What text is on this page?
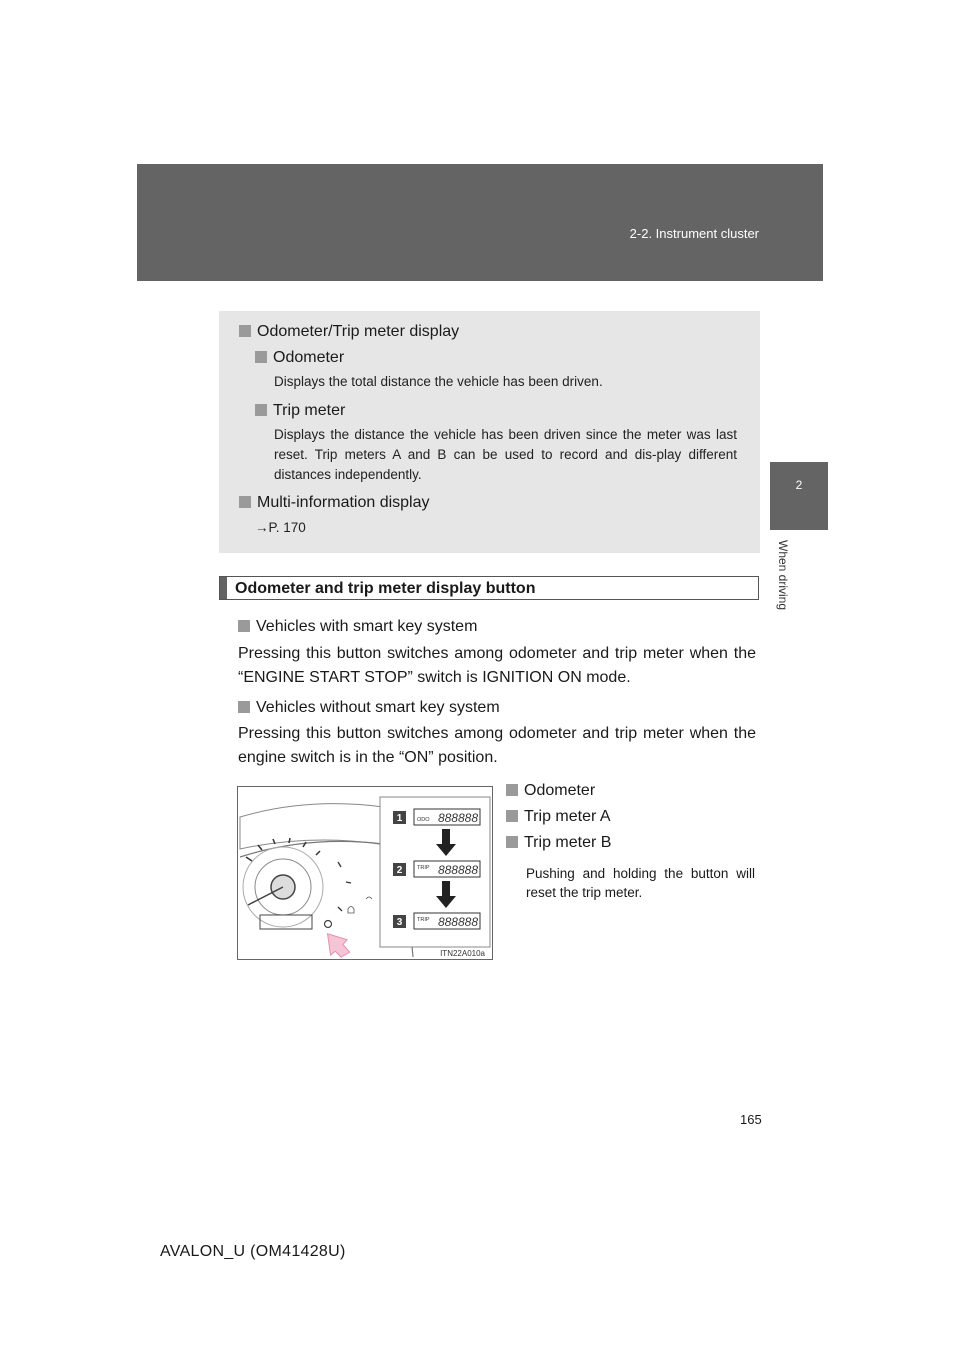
2-2. Instrument cluster
2
When driving
Odometer/Trip meter display
Odometer
Displays the total distance the vehicle has been driven.
Trip meter
Displays the distance the vehicle has been driven since the meter was last reset. Trip meters A and B can be used to record and dis-play different distances independently.
Multi-information display
→P. 170
Odometer and trip meter display button
Vehicles with smart key system
Pressing this button switches among odometer and trip meter when the “ENGINE START STOP” switch is IGNITION ON mode.
Vehicles without smart key system
Pressing this button switches among odometer and trip meter when the engine switch is in the “ON” position.
1
2
3
ODO 888888
TRIP 888888
TRIP 888888
ITN22A010a
Odometer
Trip meter A
Trip meter B
Pushing and holding the button will reset the trip meter.
165
AVALON_U (OM41428U)
